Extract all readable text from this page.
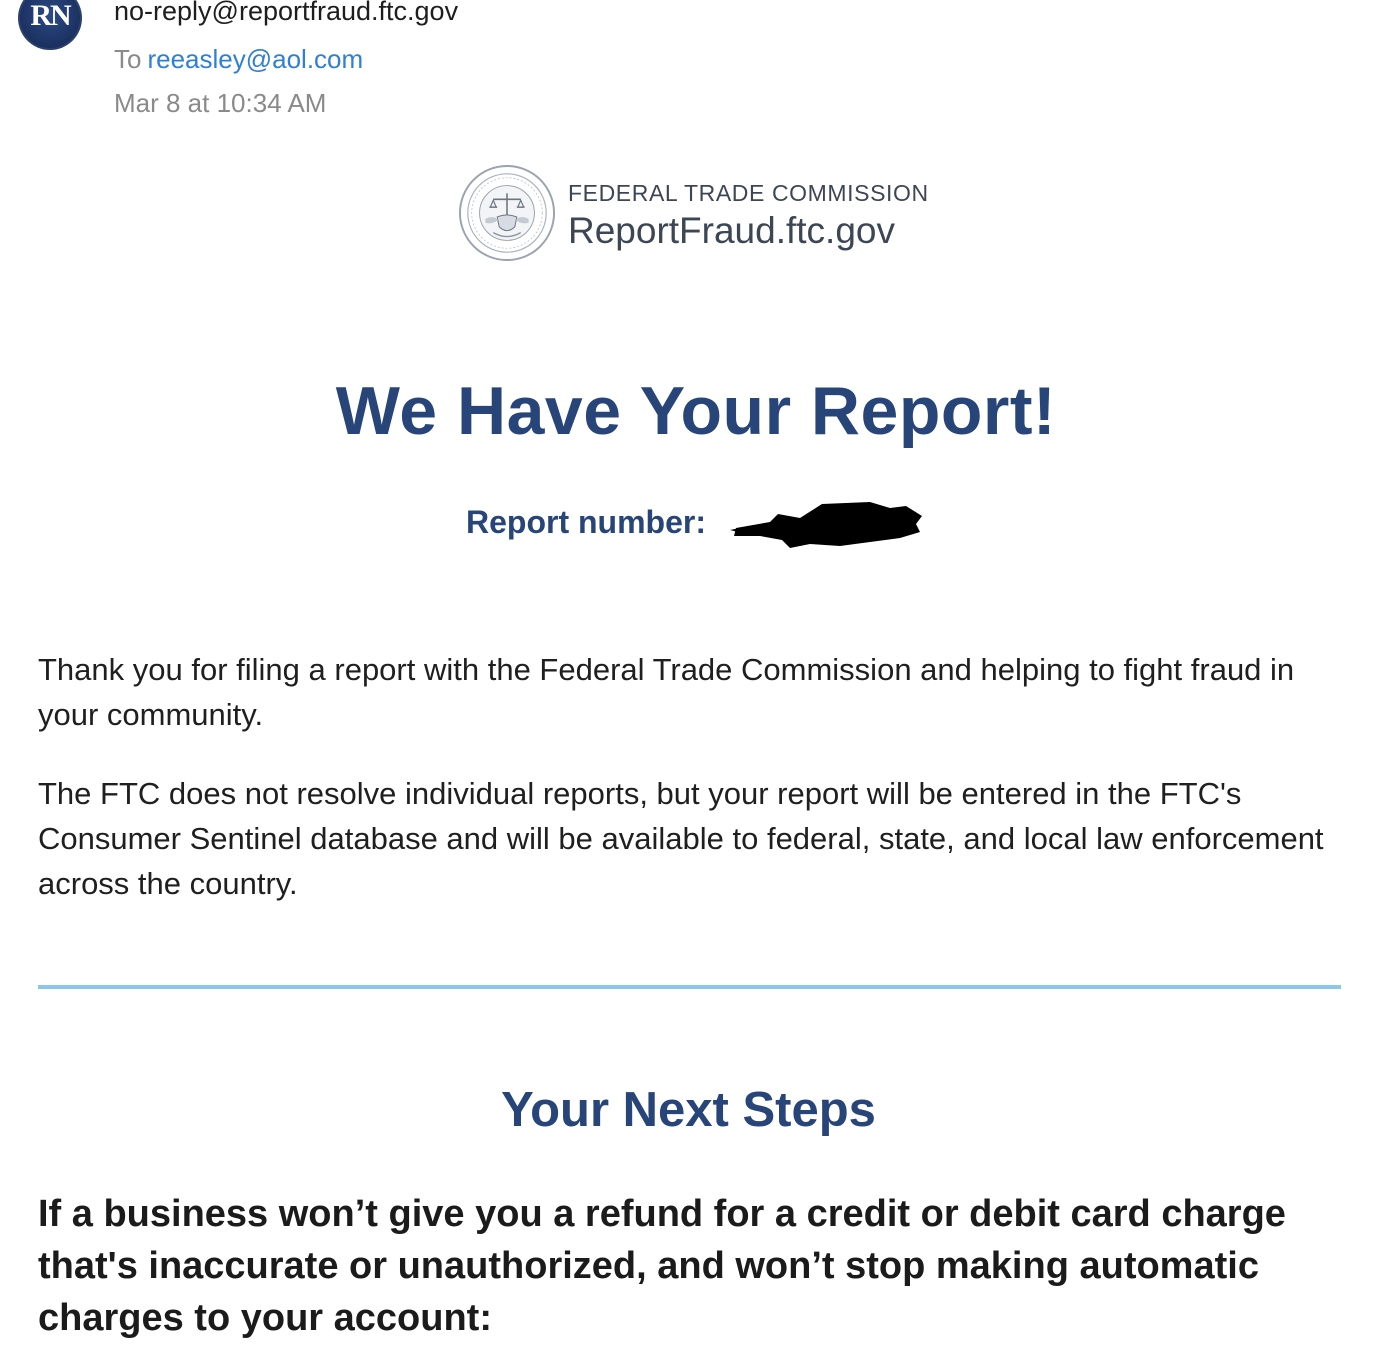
RN	no-reply@reportfraud.ftc.gov
To reeasley@aol.com
Mar 8 at 10:34 AM
FEDERAL TRADE COMMISSION
ReportFraud.ftc.gov
We Have Your Report!
Report number:
Thank you for filing a report with the Federal Trade Commission and helping to fight fraud in your community.
The FTC does not resolve individual reports, but your report will be entered in the FTC's Consumer Sentinel database and will be available to federal, state, and local law enforcement across the country.
Your Next Steps
If a business won’t give you a refund for a credit or debit card charge that's inaccurate or unauthorized, and won’t stop making automatic charges to your account:
